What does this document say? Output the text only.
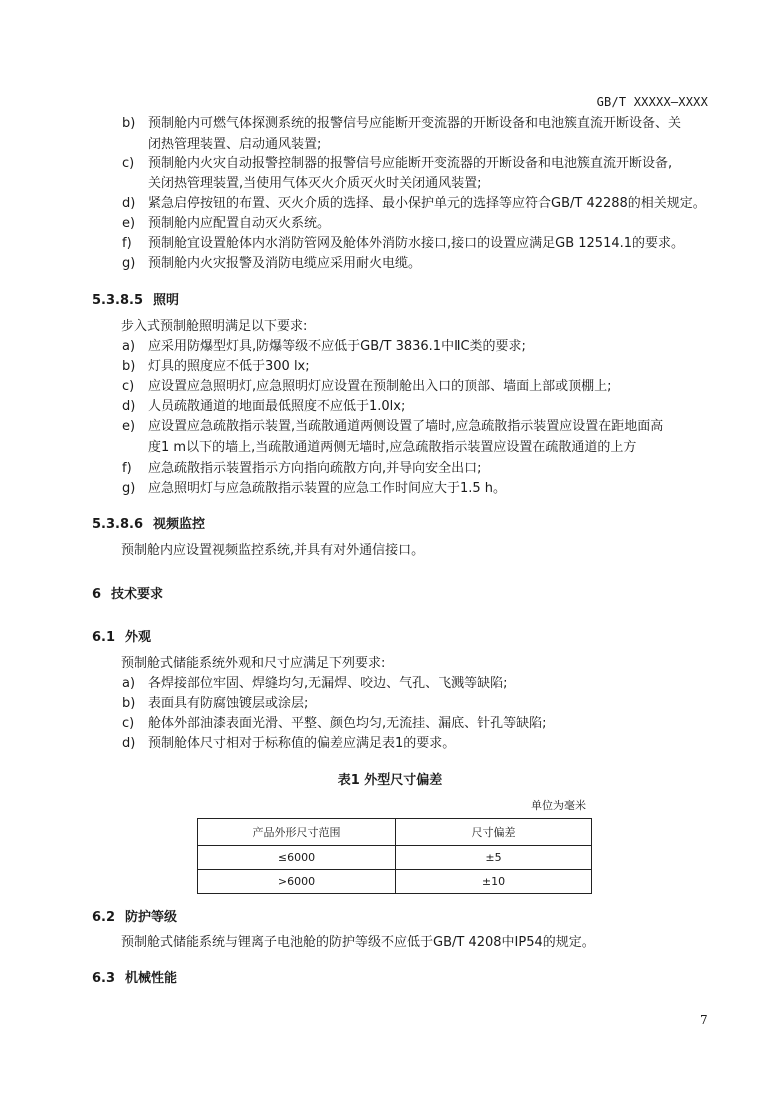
GB/T XXXXX—XXXX
b) 预制舱内可燃气体探测系统的报警信号应能断开变流器的开断设备和电池簇直流开断设备、关
闭热管理装置、启动通风装置;
c) 预制舱内火灾自动报警控制器的报警信号应能断开变流器的开断设备和电池簇直流开断设备,
关闭热管理装置,当使用气体灭火介质灭火时关闭通风装置;
d) 紧急启停按钮的布置、灭火介质的选择、最小保护单元的选择等应符合GB/T 42288的相关规定。
e) 预制舱内应配置自动灭火系统。
f) 预制舱宜设置舱体内水消防管网及舱体外消防水接口,接口的设置应满足GB 12514.1的要求。
g) 预制舱内火灾报警及消防电缆应采用耐火电缆。
5.3.8.5 照明
步入式预制舱照明满足以下要求:
a) 应采用防爆型灯具,防爆等级不应低于GB/T 3836.1中ⅡC类的要求;
b) 灯具的照度应不低于300 lx;
c) 应设置应急照明灯,应急照明灯应设置在预制舱出入口的顶部、墙面上部或顶棚上;
d) 人员疏散通道的地面最低照度不应低于1.0lx;
e) 应设置应急疏散指示装置,当疏散通道两侧设置了墙时,应急疏散指示装置应设置在距地面高
度1 m以下的墙上,当疏散通道两侧无墙时,应急疏散指示装置应设置在疏散通道的上方
f) 应急疏散指示装置指示方向指向疏散方向,并导向安全出口;
g) 应急照明灯与应急疏散指示装置的应急工作时间应大于1.5 h。
5.3.8.6 视频监控
预制舱内应设置视频监控系统,并具有对外通信接口。
6 技术要求
6.1 外观
预制舱式储能系统外观和尺寸应满足下列要求:
a) 各焊接部位牢固、焊缝均匀,无漏焊、咬边、气孔、飞溅等缺陷;
b) 表面具有防腐蚀镀层或涂层;
c) 舱体外部油漆表面光滑、平整、颜色均匀,无流挂、漏底、针孔等缺陷;
d) 预制舱体尺寸相对于标称值的偏差应满足表1的要求。
表1 外型尺寸偏差
单位为毫米
产品外形尺寸范围	尺寸偏差
≤6000	±5
>6000	±10
6.2 防护等级
预制舱式储能系统与锂离子电池舱的防护等级不应低于GB/T 4208中IP54的规定。
6.3 机械性能
7
